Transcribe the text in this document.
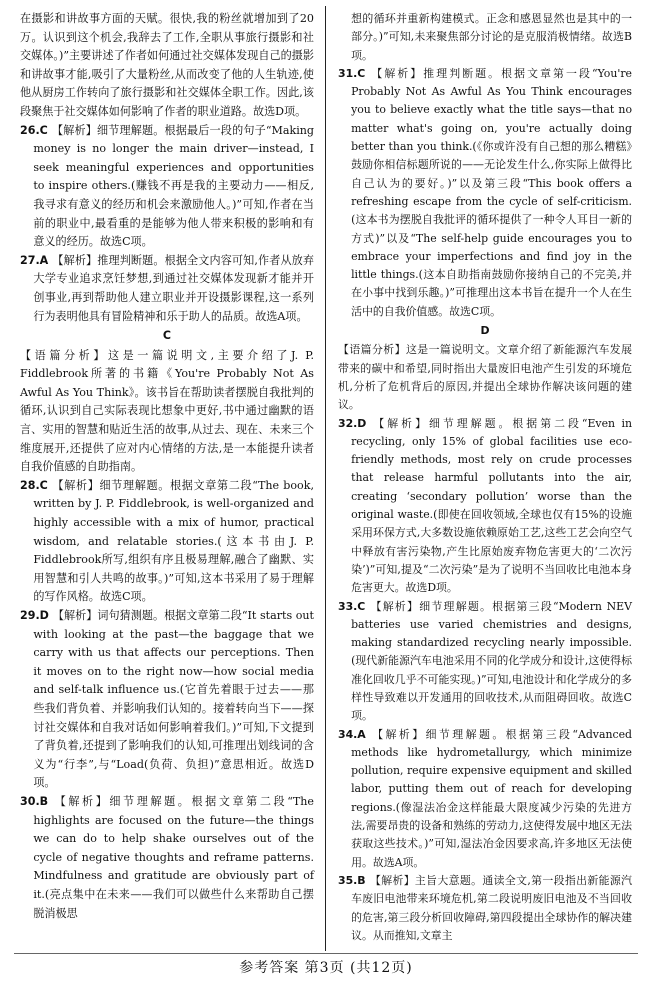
在摄影和讲故事方面的天赋。很快,我的粉丝就增加到了20万。认识到这个机会,我辞去了工作,全职从事旅行摄影和社交媒体。)”主要讲述了作者如何通过社交媒体发现自己的摄影和讲故事才能,吸引了大量粉丝,从而改变了他的人生轨迹,使他从厨房工作转向了旅行摄影和社交媒体全职工作。因此,该段聚焦于社交媒体如何影响了作者的职业道路。故选D项。

26.C 【解析】细节理解题。根据最后一段的句子“Making money is no longer the main driver—instead, I seek meaningful experiences and opportunities to inspire others.(赚钱不再是我的主要动力——相反,我寻求有意义的经历和机会来激励他人。)”可知,作者在当前的职业中,最看重的是能够为他人带来积极的影响和有意义的经历。故选C项。

27.A 【解析】推理判断题。根据全文内容可知,作者从放弃大学专业追求烹饪梦想,到通过社交媒体发现新才能并开创事业,再到帮助他人建立职业并开设摄影课程,这一系列行为表明他具有冒险精神和乐于助人的品质。故选A项。

C

【语篇分析】这是一篇说明文,主要介绍了J. P. Fiddlebrook所著的书籍《You're Probably Not As Awful As You Think》。该书旨在帮助读者摆脱自我批判的循环,认识到自己实际表现比想象中更好,书中通过幽默的语言、实用的智慧和贴近生活的故事,从过去、现在、未来三个维度展开,还提供了应对内心情绪的方法,是一本能提升读者自我价值感的自助指南。

28.C 【解析】细节理解题。根据文章第二段“The book, written by J. P. Fiddlebrook, is well-organized and highly accessible with a mix of humor, practical wisdom, and relatable stories.(这本书由J. P. Fiddlebrook所写,组织有序且极易理解,融合了幽默、实用智慧和引人共鸣的故事。)”可知,这本书采用了易于理解的写作风格。故选C项。

29.D 【解析】词句猜测题。根据文章第二段“It starts out with looking at the past—the baggage that we carry with us that affects our perceptions. Then it moves on to the right now—how social media and self-talk influence us.(它首先着眼于过去——那些我们背负着、并影响我们认知的。接着转向当下——探讨社交媒体和自我对话如何影响着我们。)”可知,下文提到了背负着,还提到了影响我们的认知,可推理出划线词的含义为“行李”,与“Load(负荷、负担)”意思相近。故选D项。

30.B 【解析】细节理解题。根据文章第二段“The highlights are focused on the future—the things we can do to help shake ourselves out of the cycle of negative thoughts and reframe patterns. Mindfulness and gratitude are obviously part of it.(亮点集中在未来——我们可以做些什么来帮助自己摆脱消极思

想的循环并重新构建模式。正念和感恩显然也是其中的一部分。)”可知,未来聚焦部分讨论的是克服消极情绪。故选B项。

31.C 【解析】推理判断题。根据文章第一段“You're Probably Not As Awful As You Think encourages you to believe exactly what the title says—that no matter what's going on, you're actually doing better than you think.(《你或许没有自己想的那么糟糕》鼓励你相信标题所说的——无论发生什么,你实际上做得比自己认为的要好。)”以及第三段“This book offers a refreshing escape from the cycle of self-criticism.(这本书为摆脱自我批评的循环提供了一种令人耳目一新的方式)”以及“The self-help guide encourages you to embrace your imperfections and find joy in the little things.(这本自助指南鼓励你接纳自己的不完美,并在小事中找到乐趣。)”可推理出这本书旨在提升一个人在生活中的自我价值感。故选C项。

D

【语篇分析】这是一篇说明文。文章介绍了新能源汽车发展带来的碳中和希望,同时指出大量废旧电池产生引发的环境危机,分析了危机背后的原因,并提出全球协作解决该问题的建议。

32.D 【解析】细节理解题。根据第二段“Even in recycling, only 15% of global facilities use eco-friendly methods, most rely on crude processes that release harmful pollutants into the air, creating ‘secondary pollution’ worse than the original waste.(即使在回收领域,全球也仅有15%的设施采用环保方式,大多数设施依赖原始工艺,这些工艺会向空气中释放有害污染物,产生比原始废弃物危害更大的‘二次污染’)”可知,提及“二次污染”是为了说明不当回收比电池本身危害更大。故选D项。

33.C 【解析】细节理解题。根据第三段“Modern NEV batteries use varied chemistries and designs, making standardized recycling nearly impossible.(现代新能源汽车电池采用不同的化学成分和设计,这使得标准化回收几乎不可能实现。)”可知,电池设计和化学成分的多样性导致难以开发通用的回收技术,从而阻碍回收。故选C项。

34.A 【解析】细节理解题。根据第三段“Advanced methods like hydrometallurgy, which minimize pollution, require expensive equipment and skilled labor, putting them out of reach for developing regions.(像湿法冶金这样能最大限度减少污染的先进方法,需要昂贵的设备和熟练的劳动力,这使得发展中地区无法获取这些技术。)”可知,湿法冶金因要求高,许多地区无法使用。故选A项。

35.B 【解析】主旨大意题。通读全文,第一段指出新能源汽车废旧电池带来环境危机,第二段说明废旧电池及不当回收的危害,第三段分析回收障碍,第四段提出全球协作的解决建议。从而推知,文章主

参考答案 第3页 (共12页)
